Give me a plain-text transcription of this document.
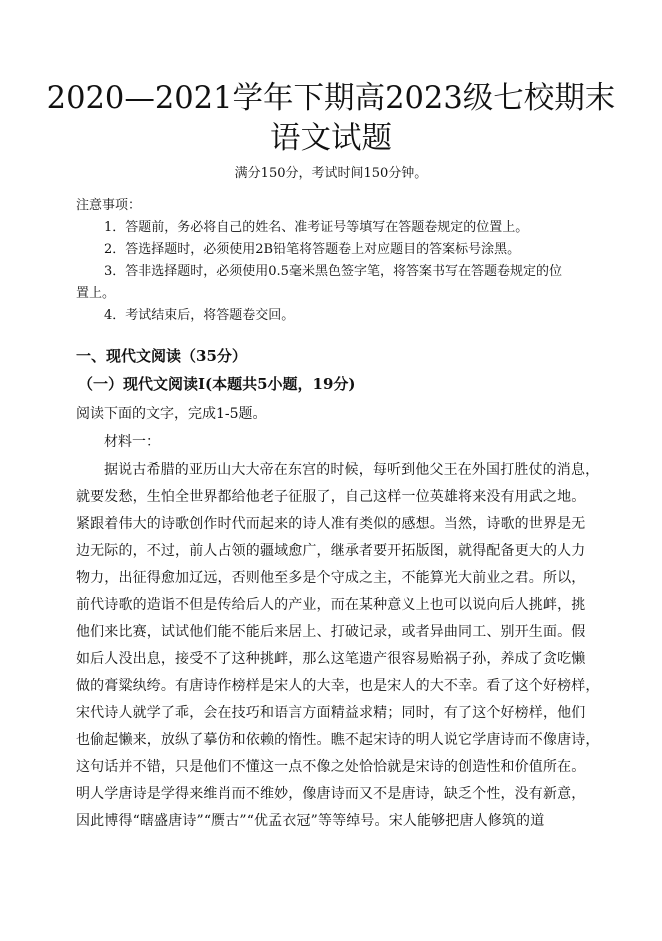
2020—2021学年下期高2023级七校期末
语文试题
满分150分，考试时间150分钟。
注意事项：
1．答题前，务必将自己的姓名、准考证号等填写在答题卷规定的位置上。
2．答选择题时，必须使用2B铅笔将答题卷上对应题目的答案标号涂黑。
3．答非选择题时，必须使用0.5毫米黑色签字笔，将答案书写在答题卷规定的位
置上。
4．考试结束后，将答题卷交回。
一、现代文阅读（35分）
（一）现代文阅读Ⅰ(本题共5小题，19分)
阅读下面的文字，完成1-5题。
材料一：
据说古希腊的亚历山大大帝在东宫的时候，每听到他父王在外国打胜仗的消息，
就要发愁，生怕全世界都给他老子征服了，自己这样一位英雄将来没有用武之地。
紧跟着伟大的诗歌创作时代而起来的诗人准有类似的感想。当然，诗歌的世界是无
边无际的，不过，前人占领的疆域愈广，继承者要开拓版图，就得配备更大的人力
物力，出征得愈加辽远，否则他至多是个守成之主，不能算光大前业之君。所以，
前代诗歌的造诣不但是传给后人的产业，而在某种意义上也可以说向后人挑衅，挑
他们来比赛，试试他们能不能后来居上、打破记录，或者异曲同工、别开生面。假
如后人没出息，接受不了这种挑衅，那么这笔遗产很容易贻祸子孙，养成了贪吃懒
做的膏粱纨绔。有唐诗作榜样是宋人的大幸，也是宋人的大不幸。看了这个好榜样，
宋代诗人就学了乖，会在技巧和语言方面精益求精；同时，有了这个好榜样，他们
也偷起懒来，放纵了摹仿和依赖的惰性。瞧不起宋诗的明人说它学唐诗而不像唐诗，
这句话并不错，只是他们不懂这一点不像之处恰恰就是宋诗的创造性和价值所在。
明人学唐诗是学得来维肖而不维妙，像唐诗而又不是唐诗，缺乏个性，没有新意，
因此博得“瞎盛唐诗”“赝古”“优孟衣冠”等等绰号。宋人能够把唐人修筑的道
